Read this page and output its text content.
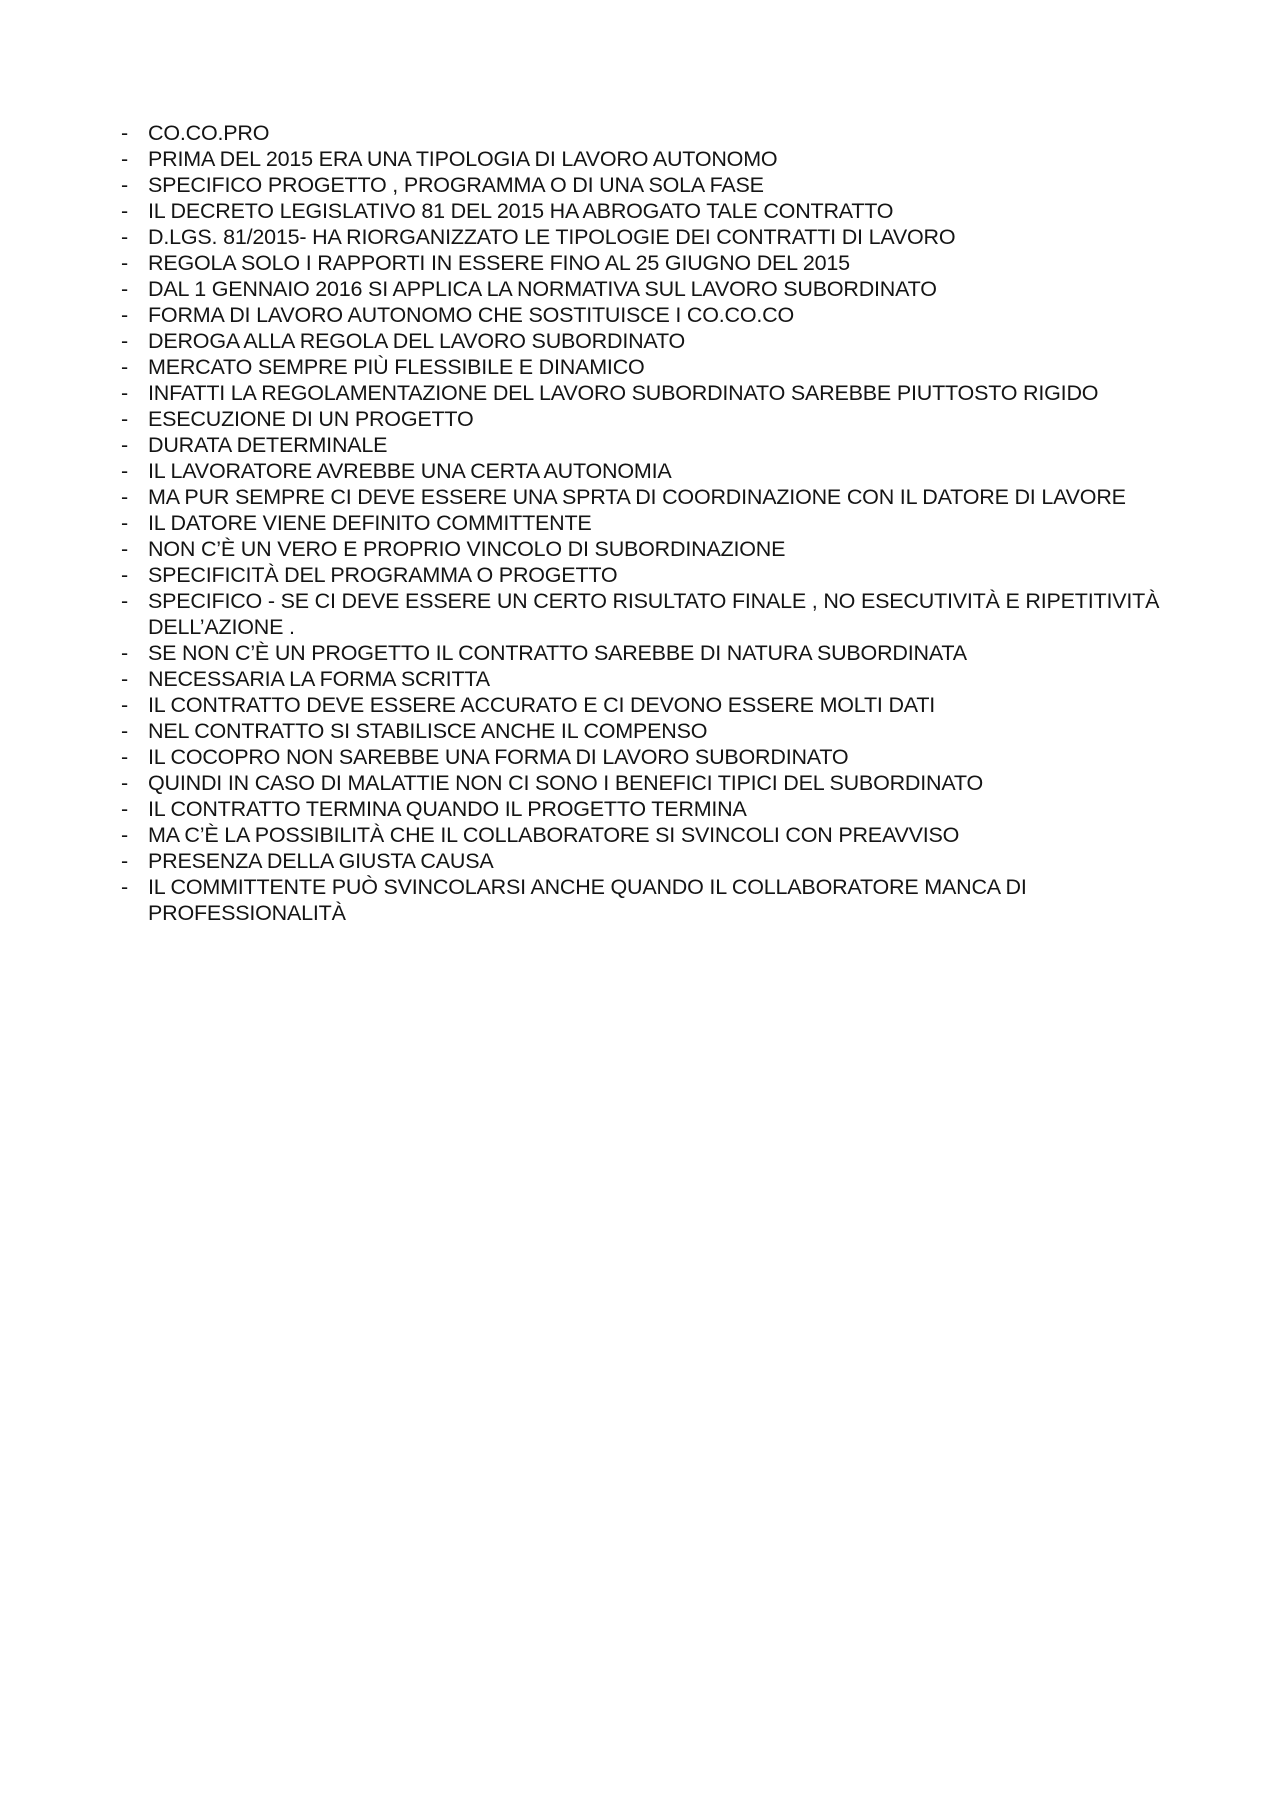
- CO.CO.PRO
- PRIMA DEL 2015 ERA UNA TIPOLOGIA DI LAVORO AUTONOMO
- SPECIFICO PROGETTO , PROGRAMMA O DI UNA SOLA FASE
- IL DECRETO LEGISLATIVO 81 DEL 2015 HA ABROGATO TALE CONTRATTO
- D.LGS. 81/2015- HA RIORGANIZZATO LE TIPOLOGIE DEI CONTRATTI DI LAVORO
- REGOLA SOLO I RAPPORTI IN ESSERE FINO AL 25 GIUGNO DEL 2015
- DAL 1 GENNAIO 2016 SI APPLICA LA NORMATIVA SUL LAVORO SUBORDINATO
- FORMA DI LAVORO AUTONOMO CHE SOSTITUISCE I CO.CO.CO
- DEROGA ALLA REGOLA DEL LAVORO SUBORDINATO
- MERCATO SEMPRE PIÙ FLESSIBILE E DINAMICO
- INFATTI LA REGOLAMENTAZIONE DEL LAVORO SUBORDINATO SAREBBE PIUTTOSTO RIGIDO
- ESECUZIONE DI UN PROGETTO
- DURATA DETERMINALE
- IL LAVORATORE AVREBBE UNA CERTA AUTONOMIA
- MA PUR SEMPRE CI DEVE ESSERE UNA SPRTA DI COORDINAZIONE CON IL DATORE DI LAVORE
- IL DATORE VIENE DEFINITO COMMITTENTE
- NON C’È UN VERO E PROPRIO VINCOLO DI SUBORDINAZIONE
- SPECIFICITÀ DEL PROGRAMMA O PROGETTO
- SPECIFICO - SE CI DEVE ESSERE UN CERTO RISULTATO FINALE , NO ESECUTIVITÀ E RIPETITIVITÀ DELL’AZIONE .
- SE NON C’È UN PROGETTO IL CONTRATTO SAREBBE DI NATURA SUBORDINATA
- NECESSARIA LA FORMA SCRITTA
- IL CONTRATTO DEVE ESSERE ACCURATO E CI DEVONO ESSERE MOLTI DATI
- NEL CONTRATTO SI STABILISCE ANCHE IL COMPENSO
- IL COCOPRO NON SAREBBE UNA FORMA DI LAVORO SUBORDINATO
- QUINDI IN CASO DI MALATTIE NON CI SONO I BENEFICI TIPICI DEL SUBORDINATO
- IL CONTRATTO TERMINA QUANDO IL PROGETTO TERMINA
- MA C’È LA POSSIBILITÀ CHE IL COLLABORATORE SI SVINCOLI CON PREAVVISO
- PRESENZA DELLA GIUSTA CAUSA
- IL COMMITTENTE PUÒ SVINCOLARSI ANCHE QUANDO IL COLLABORATORE MANCA DI PROFESSIONALITÀ
